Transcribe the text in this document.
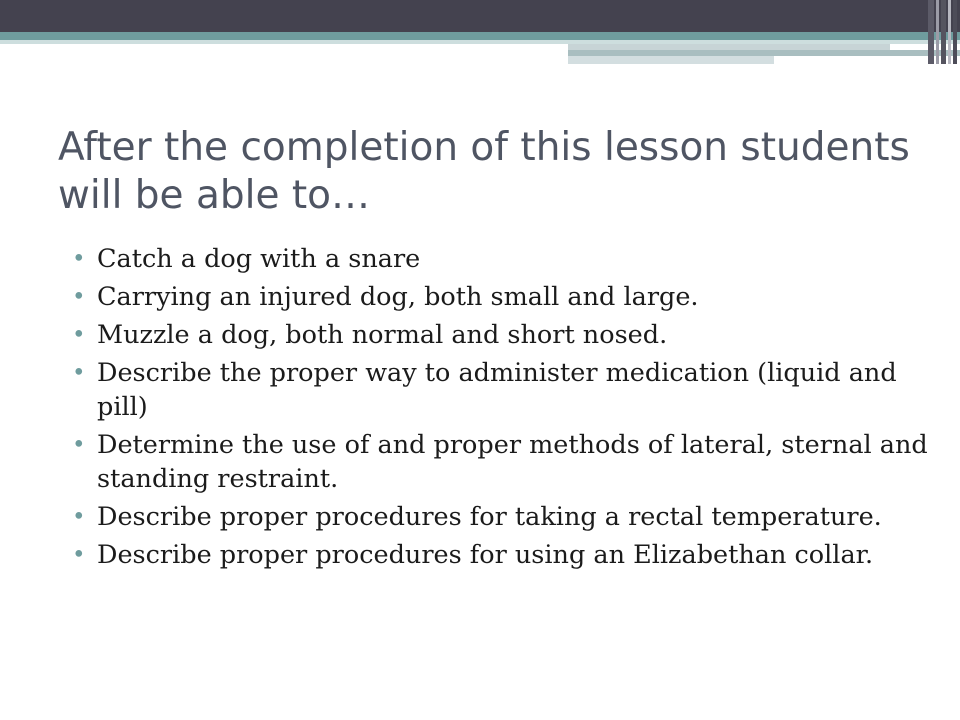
After the completion of this lesson students will be able to…
• Catch a dog with a snare
• Carrying an injured dog, both small and large.
• Muzzle a dog, both normal and short nosed.
• Describe the proper way to administer medication (liquid and pill)
• Determine the use of and proper methods of lateral, sternal and standing restraint.
• Describe proper procedures for taking a rectal temperature.
• Describe proper procedures for using an Elizabethan collar.
